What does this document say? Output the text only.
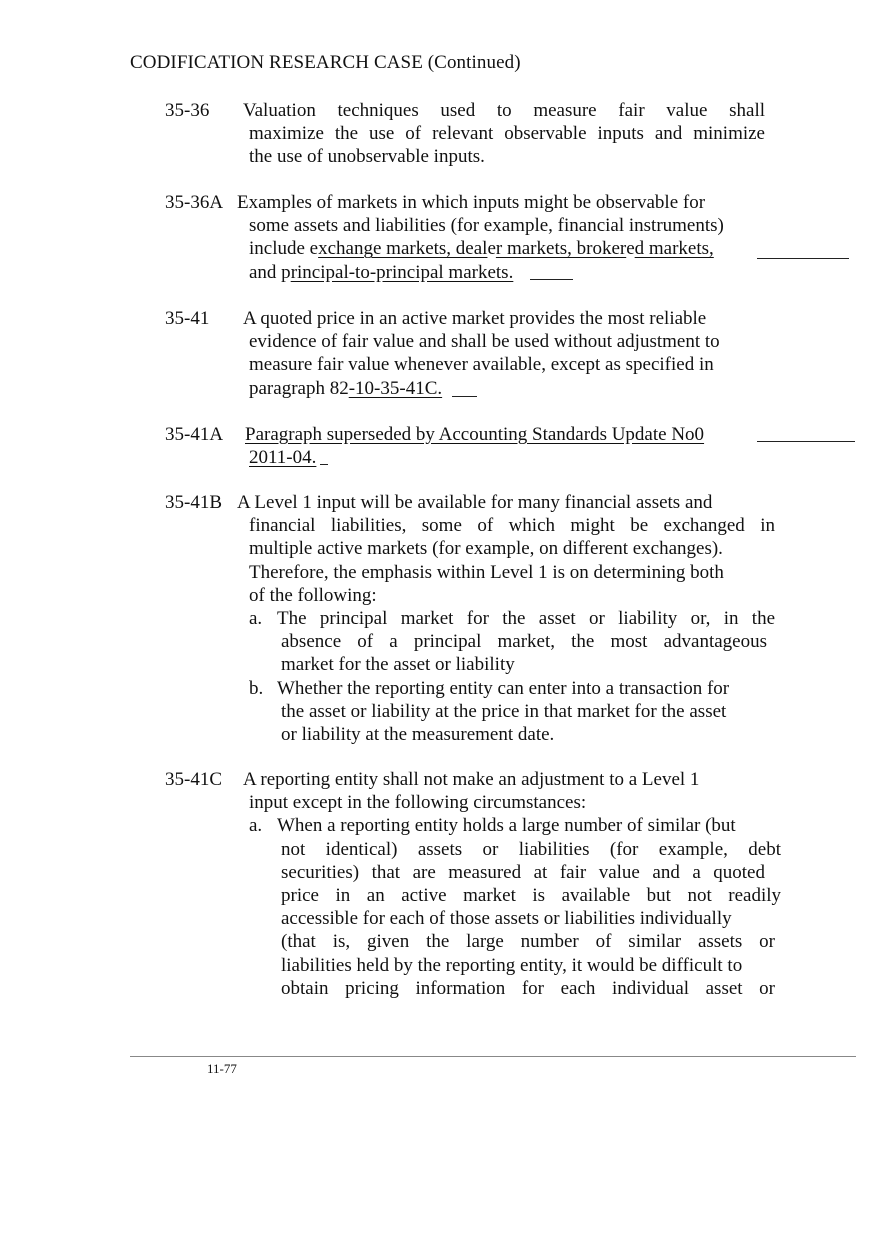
CODIFICATION RESEARCH CASE (Continued)
35-36 Valuation techniques used to measure fair value shall
maximize the use of relevant observable inputs and minimize
the use of unobservable inputs.
35-36A Examples of markets in which inputs might be observable for
some assets and liabilities (for example, financial instruments)
include exchange markets, dealer markets, brokered markets,
and principal-to-principal markets.
35-41 A quoted price in an active market provides the most reliable
evidence of fair value and shall be used without adjustment to
measure fair value whenever available, except as specified in
paragraph 82-10-35-41C.
35-41A Paragraph superseded by Accounting Standards Update No0
2011-04.
35-41B A Level 1 input will be available for many financial assets and
financial liabilities, some of which might be exchanged in
multiple active markets (for example, on different exchanges).
Therefore, the emphasis within Level 1 is on determining both
of the following:
a. The principal market for the asset or liability or, in the
absence of a principal market, the most advantageous
market for the asset or liability
b. Whether the reporting entity can enter into a transaction for
the asset or liability at the price in that market for the asset
or liability at the measurement date.
35-41C A reporting entity shall not make an adjustment to a Level 1
input except in the following circumstances:
a. When a reporting entity holds a large number of similar (but
not identical) assets or liabilities (for example, debt
securities) that are measured at fair value and a quoted
price in an active market is available but not readily
accessible for each of those assets or liabilities individually
(that is, given the large number of similar assets or
liabilities held by the reporting entity, it would be difficult to
obtain pricing information for each individual asset or
11-77
